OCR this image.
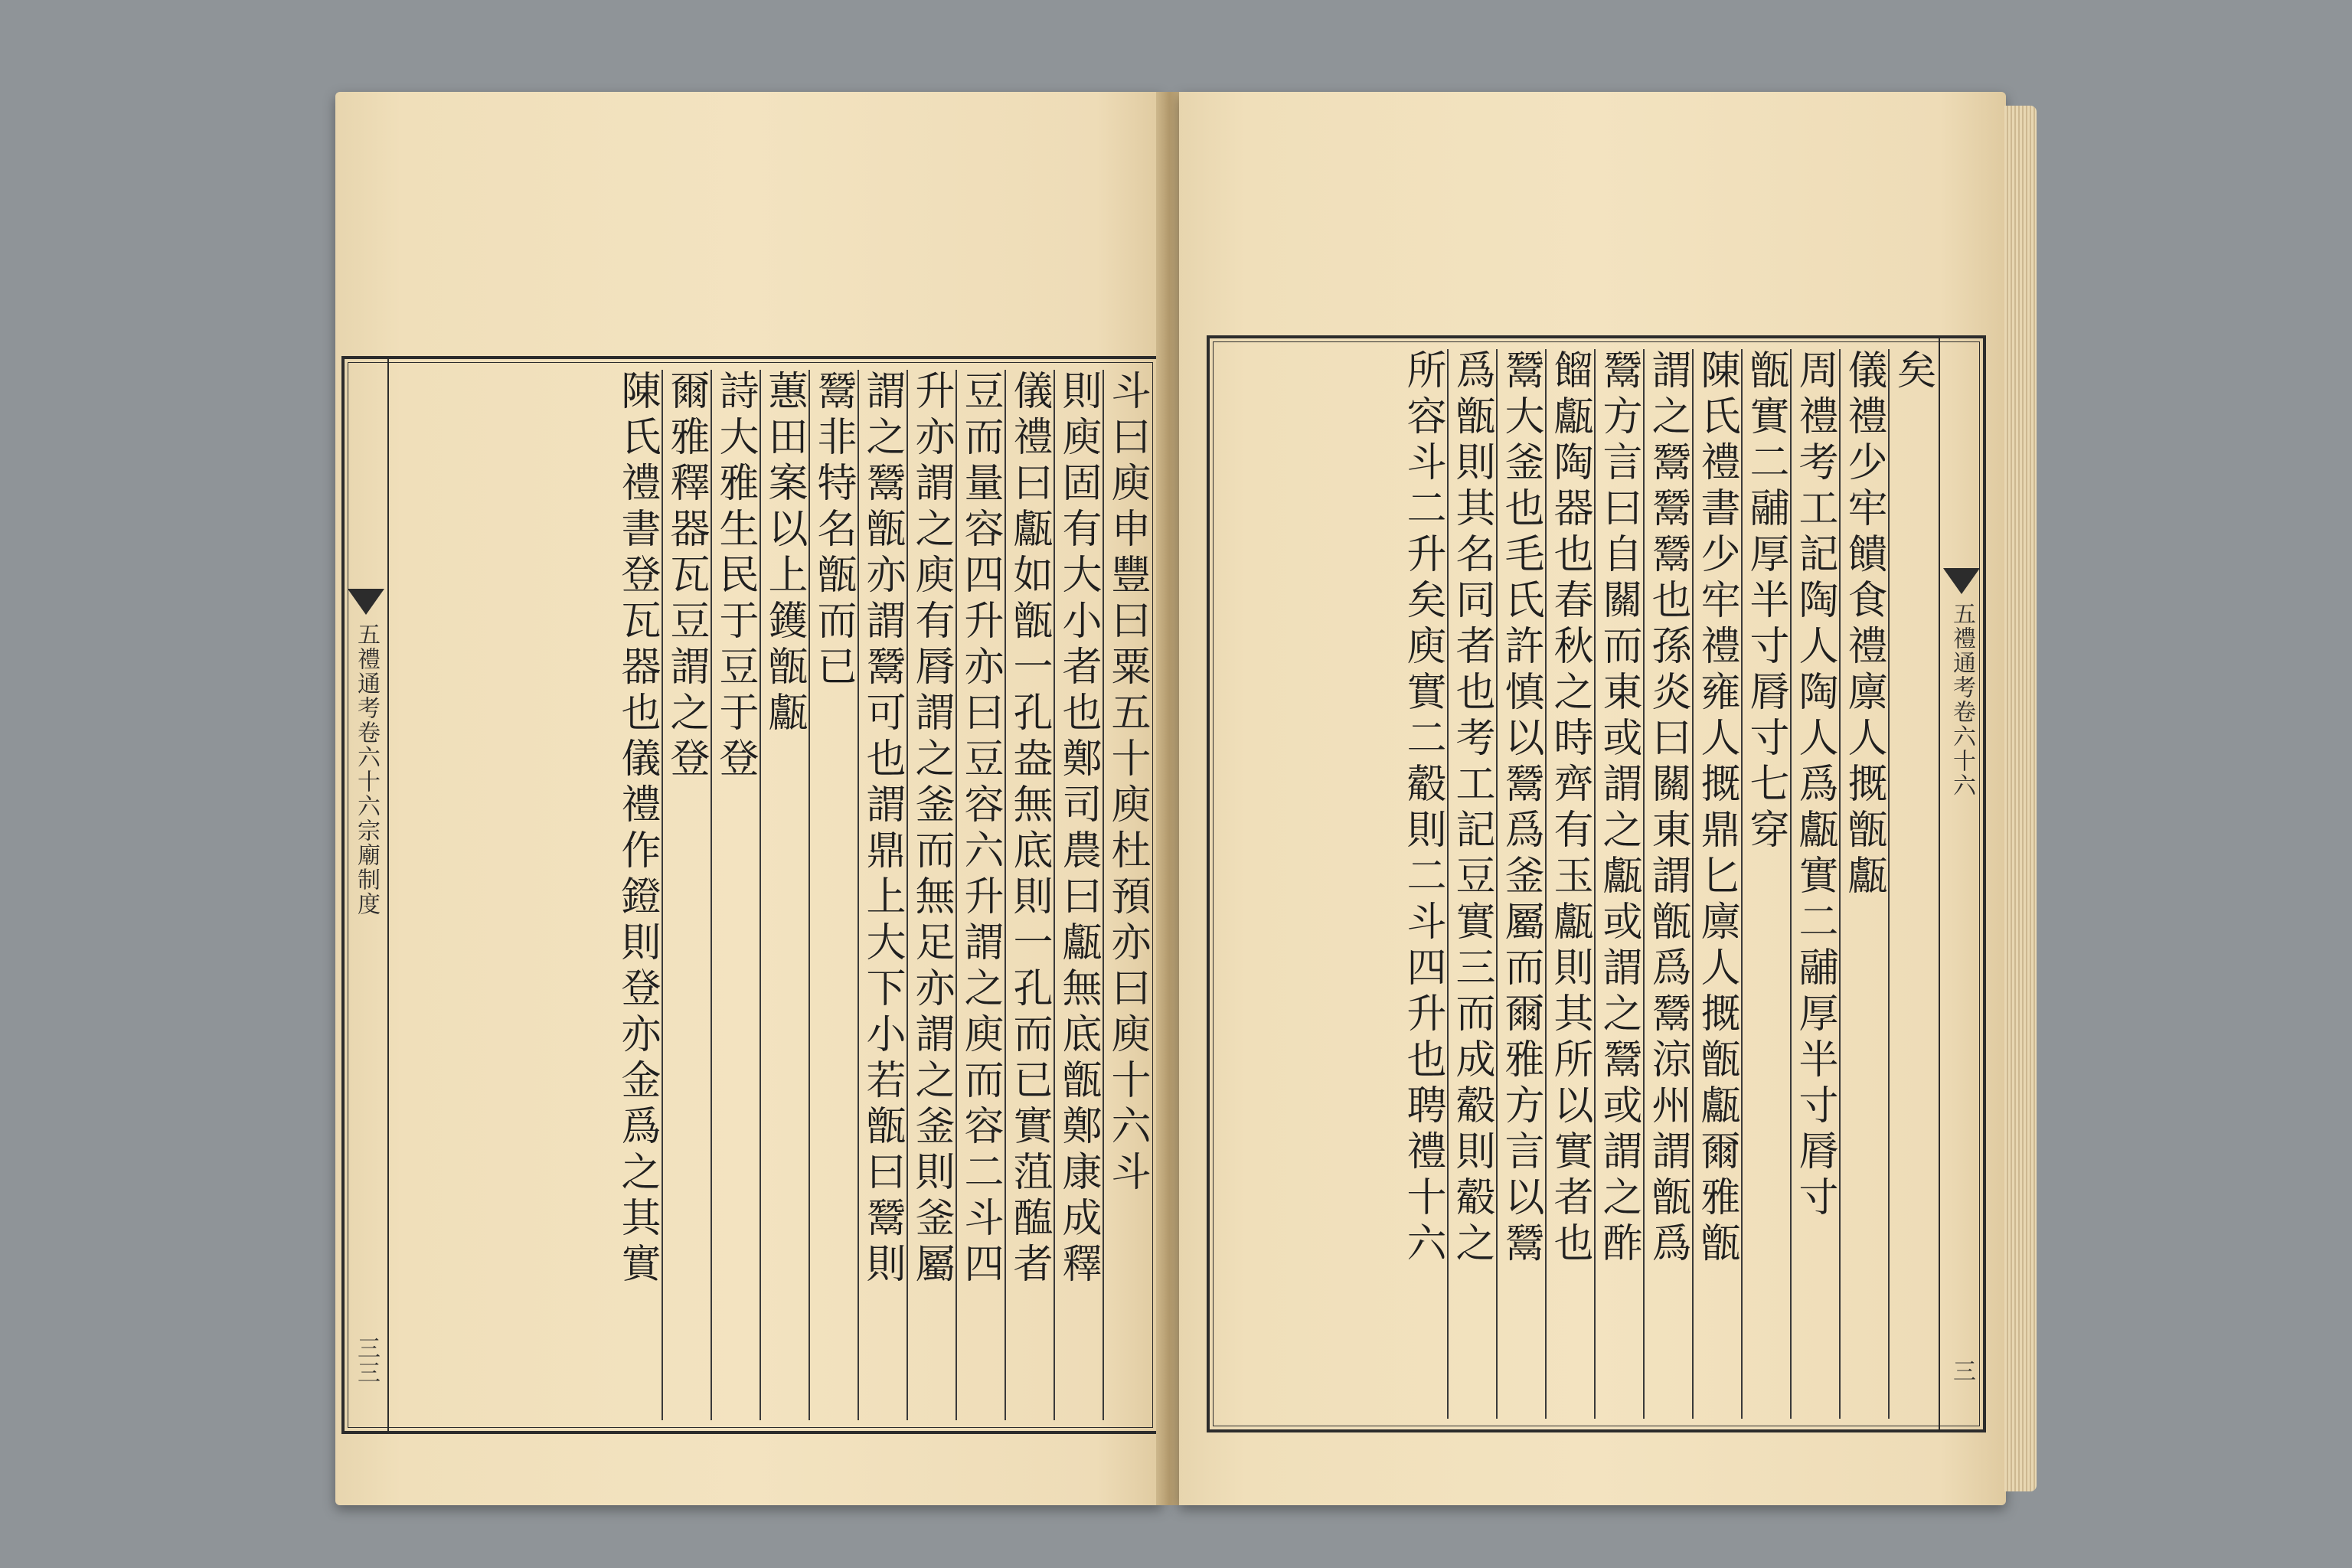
五禮通考卷六十六宗廟制度
三三
斗曰庾申豐曰粟五十庾杜預亦曰庾十六斗
則庾固有大小者也鄭司農曰甗無底甑鄭康成釋
儀禮曰甗如甑一孔盎無底則一孔而已實菹醢者
豆而量容四升亦曰豆容六升謂之庾而容二斗四
升亦謂之庾有脣謂之釜而無足亦謂之釜則釜屬
謂之鬵甑亦謂鬵可也謂鼎上大下小若甑曰鬵則
鬵非特名甑而已
蕙田案以上鑊甑甗
詩大雅生民于豆于登
爾雅釋器瓦豆謂之登
陳氏禮書登瓦器也儀禮作鐙則登亦金爲之其實	矣
儀禮少牢饋食禮廪人摡甑甗
周禮考工記陶人陶人爲甗實二鬴厚半寸脣寸
甑實二鬴厚半寸脣寸七穿
陳氏禮書少牢禮雍人摡鼎匕廪人摡甑甗爾雅甑
謂之鬵鬵鬵也孫炎曰關東謂甑爲鬵涼州謂甑爲
鬵方言曰自關而東或謂之甗或謂之鬵或謂之酢
餾甗陶器也春秋之時齊有玉甗則其所以實者也
鬵大釜也毛氏許慎以鬵爲釜屬而爾雅方言以鬵
爲甑則其名同者也考工記豆實三而成觳則觳之
所容斗二升矣庾實二觳則二斗四升也聘禮十六	五禮通考卷六十六
三
